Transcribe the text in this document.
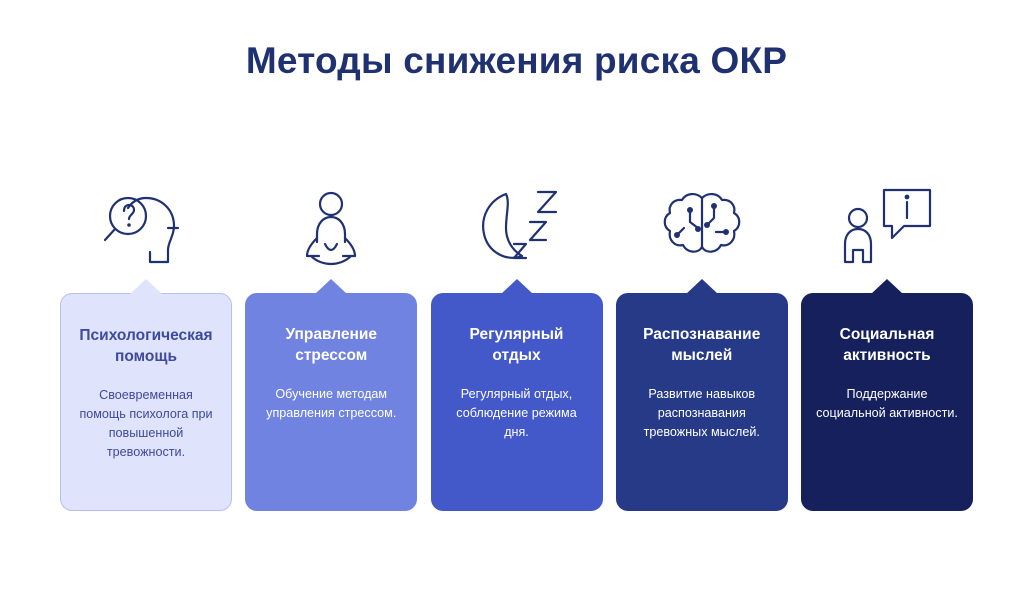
Методы снижения риска ОКР
Психологическая помощь
Своевременная помощь психолога при повышенной тревожности.
Управление стрессом
Обучение методам управления стрессом.
Регулярный отдых
Регулярный отдых, соблюдение режима дня.
Распознавание мыслей
Развитие навыков распознавания тревожных мыслей.
Социальная активность
Поддержание социальной активности.
